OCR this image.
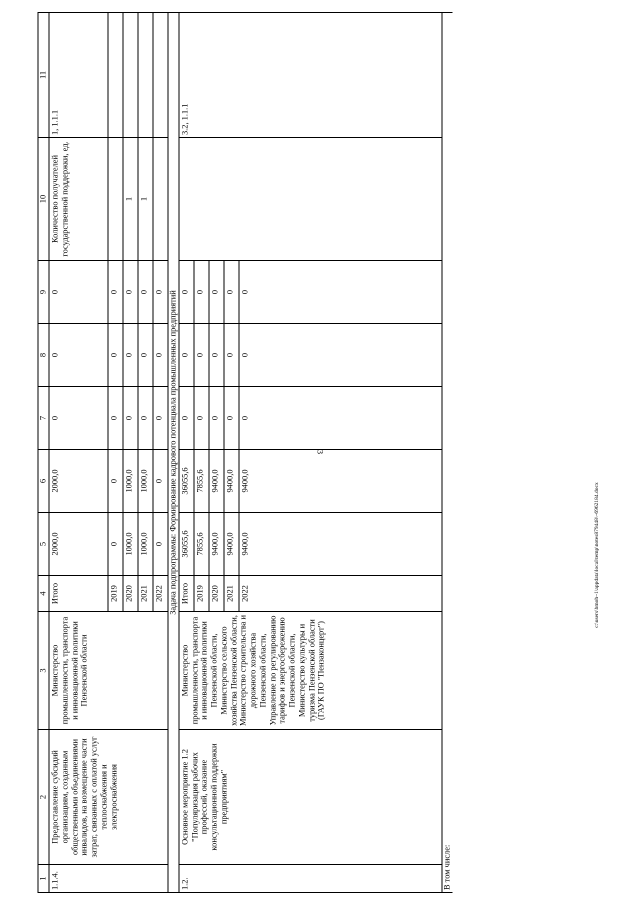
3
1	2	3	4	5	6	7	8	9	10	11
1.1.4.	Предоставление субсидий организациям, созданным общественными объединениями инвалидов, на возмещение части затрат, связанных с оплатой услуг теплоснабжения и электроснабжения	Министерство промышленности, транспорта и инновационной политики Пензенской области	Итого	2000,0	2000,0	0	0	0	Количество получателей государственной поддержки, ед.	1, 1.1.1
			2019	0	0	0	0	0		
			2020	1000,0	1000,0	0	0	0	1	
			2021	1000,0	1000,0	0	0	0	1	
			2022	0	0	0	0	0		
Задача подпрограммы: Формирование кадрового потенциала промышленных предприятий										
1.2.	Основное мероприятие 1.2 "Популяризация рабочих профессий, оказание консультационной поддержки предприятиям"	Министерство промышленности, транспорта и инновационной политики Пензенской области, Министерство сельского хозяйства Пензенской области, Министерство строительства и дорожного хозяйства Пензенской области, Управление по регулированию тарифов и энергосбережению Пензенской области, Министерство культуры и туризма Пензенской области (ГАУК ПО "Пензаконцерт")	Итого	36055,6	36055,6	0	0	0		3.2, 1.1.1
			2019	7855,6	7855,6	0	0	0		
			2020	9400,0	9400,0	0	0	0		
			2021	9400,0	9400,0	0	0	0		
			2022	9400,0	9400,0	0	0	0		
В том числе:										
c:\users\bmoh~1\appdata\local\temp\notes879448\~6962184.docx
